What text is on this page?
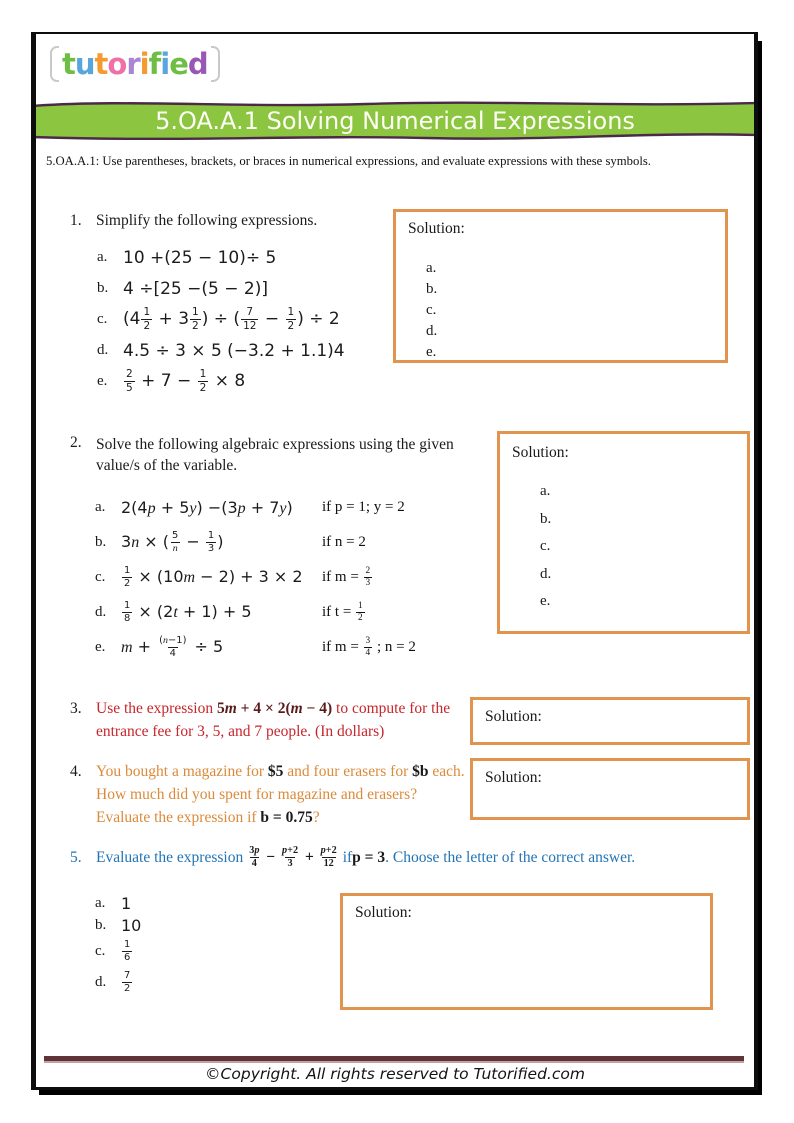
t u t o r i f i e d
5.OA.A.1 Solving Numerical Expressions
5.OA.A.1: Use parentheses, brackets, or braces in numerical expressions, and evaluate expressions with these symbols.
1. Simplify the following expressions.
a. 10 +(25 − 10)÷ 5
b. 4 ÷[25 −(5 − 2)]
c. ($4 \frac{1}{2} + 3 \frac{1}{2}$ ) ÷ ( $\frac{7}{12} - \frac{1}{2}$ ) ÷ 2
d. 4.5 ÷ 3 × 5 (−3.2 + 1.1)4
e.	$\frac{2}{5} + 7 - \frac{1}{2} \times 8$
Solution:
a.
b.
c.
d.
e.
2. Solve the following algebraic expressions using the given value/s of the variable.
a. 2(4p + 5y) −(3p + 7y)	if p = 1; y = 2
b. 3n × ( $\frac{5}{n} - \frac{1}{3}$ )	if n = 2
c.	$\frac{1}{2} \times (10m - 2) + 3 \times 2$	if $m = \frac{2}{3}$
d.	$\frac{1}{8} \times (2t + 1) + 5$	if $t = \frac{1}{2}$
e. $m + \frac{(n-1)}{4} \div 5$	if $m = \frac{3}{4}$ ; n = 2
Solution:
a.
b.
c.
d.
e.
3. Use the expression 5m + 4 × 2(m − 4) to compute for the entrance fee for 3, 5, and 7 people. (In dollars)
Solution:
4. You bought a magazine for $5 and four erasers for $b each. How much did you spent for magazine and erasers? Evaluate the expression if b = 0.75?
Solution:
5. Evaluate the expression $\frac{3p}{4} - \frac{p+2}{3} + \frac{p+2}{12}$ if p = 3 . Choose the letter of the correct answer.
a. 1
b. 10
c.	$\frac{1}{6}$
d.	$\frac{7}{2}$
Solution:
©Copyright. All rights reserved to Tutorified.com
